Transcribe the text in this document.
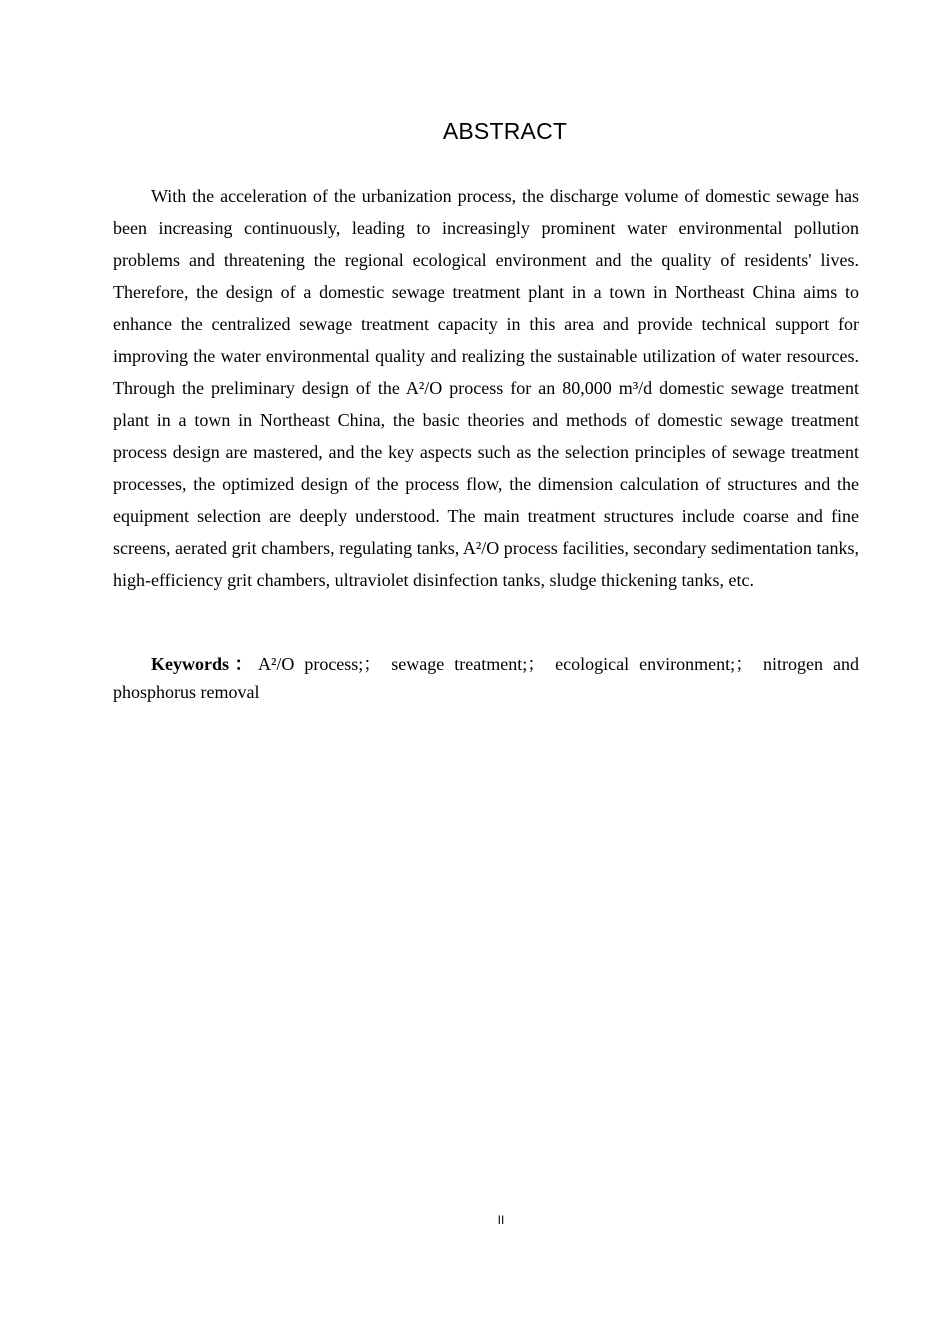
ABSTRACT

With the acceleration of the urbanization process, the discharge volume of domestic sewage has been increasing continuously, leading to increasingly prominent water environmental pollution problems and threatening the regional ecological environment and the quality of residents' lives. Therefore, the design of a domestic sewage treatment plant in a town in Northeast China aims to enhance the centralized sewage treatment capacity in this area and provide technical support for improving the water environmental quality and realizing the sustainable utilization of water resources. Through the preliminary design of the A²/O process for an 80,000 m³/d domestic sewage treatment plant in a town in Northeast China, the basic theories and methods of domestic sewage treatment process design are mastered, and the key aspects such as the selection principles of sewage treatment processes, the optimized design of the process flow, the dimension calculation of structures and the equipment selection are deeply understood. The main treatment structures include coarse and fine screens, aerated grit chambers, regulating tanks, A²/O process facilities, secondary sedimentation tanks, high-efficiency grit chambers, ultraviolet disinfection tanks, sludge thickening tanks, etc.

Keywords：A²/O process;； sewage treatment;； ecological environment;； nitrogen and phosphorus removal

II
